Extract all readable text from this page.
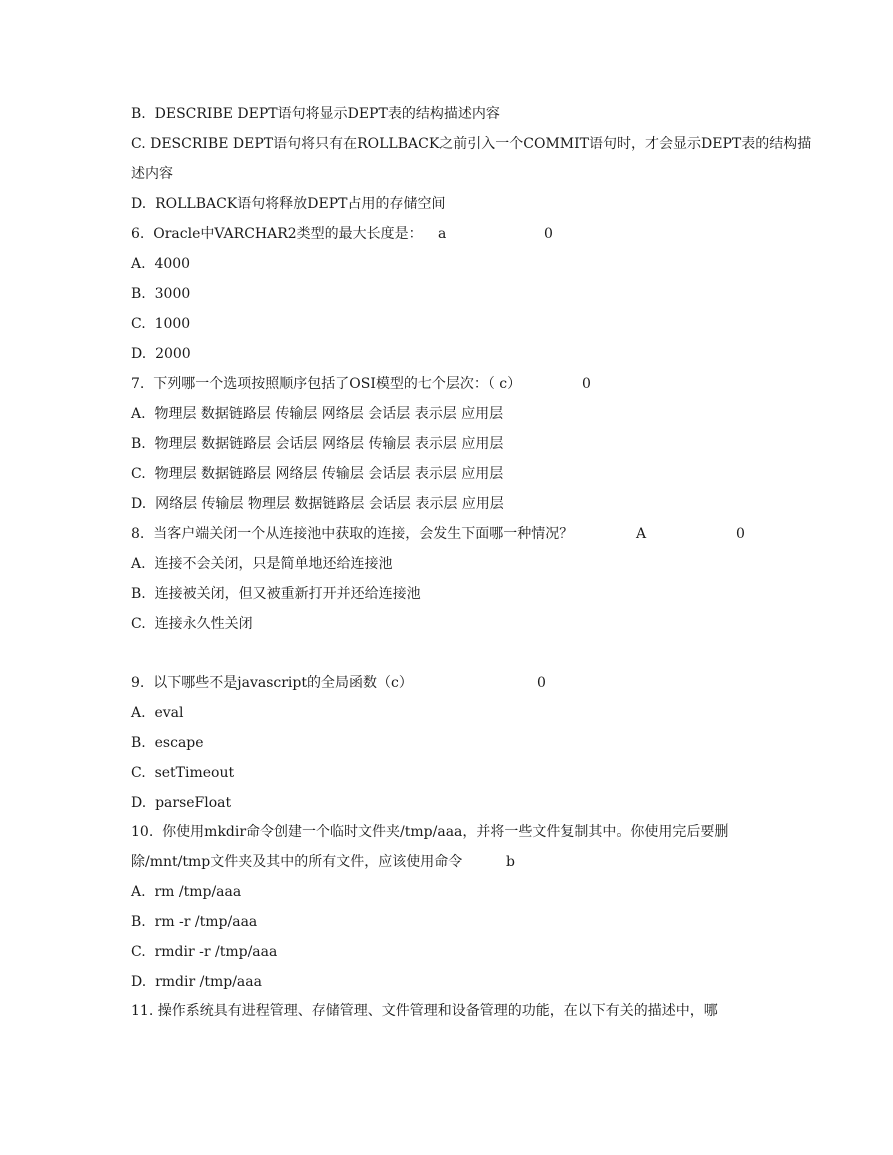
B.  DESCRIBE DEPT语句将显示DEPT表的结构描述内容
C. DESCRIBE DEPT语句将只有在ROLLBACK之前引入一个COMMIT语句时，才会显示DEPT表的结构描
述内容
D.  ROLLBACK语句将释放DEPT占用的存储空间
6.  Oracle中VARCHAR2类型的最大长度是： a	0
A.  4000
B.  3000
C.  1000
D.  2000
7.  下列哪一个选项按照顺序包括了OSI模型的七个层次：（ c）	0
A.  物理层 数据链路层 传输层 网络层 会话层 表示层 应用层
B.  物理层 数据链路层 会话层 网络层 传输层 表示层 应用层
C.  物理层 数据链路层 网络层 传输层 会话层 表示层 应用层
D.  网络层 传输层 物理层 数据链路层 会话层 表示层 应用层
8.  当客户端关闭一个从连接池中获取的连接，会发生下面哪一种情况？	A	0
A.  连接不会关闭，只是简单地还给连接池
B.  连接被关闭，但又被重新打开并还给连接池
C.  连接永久性关闭
9.  以下哪些不是javascript的全局函数（c）	0
A.  eval
B.  escape
C.  setTimeout
D.  parseFloat
10.  你使用mkdir命令创建一个临时文件夹/tmp/aaa，并将一些文件复制其中。你使用完后要删
除/mnt/tmp文件夹及其中的所有文件，应该使用命令	b
A.  rm /tmp/aaa
B.  rm -r /tmp/aaa
C.  rmdir -r /tmp/aaa
D.  rmdir /tmp/aaa
11. 操作系统具有进程管理、存储管理、文件管理和设备管理的功能，在以下有关的描述中，哪
